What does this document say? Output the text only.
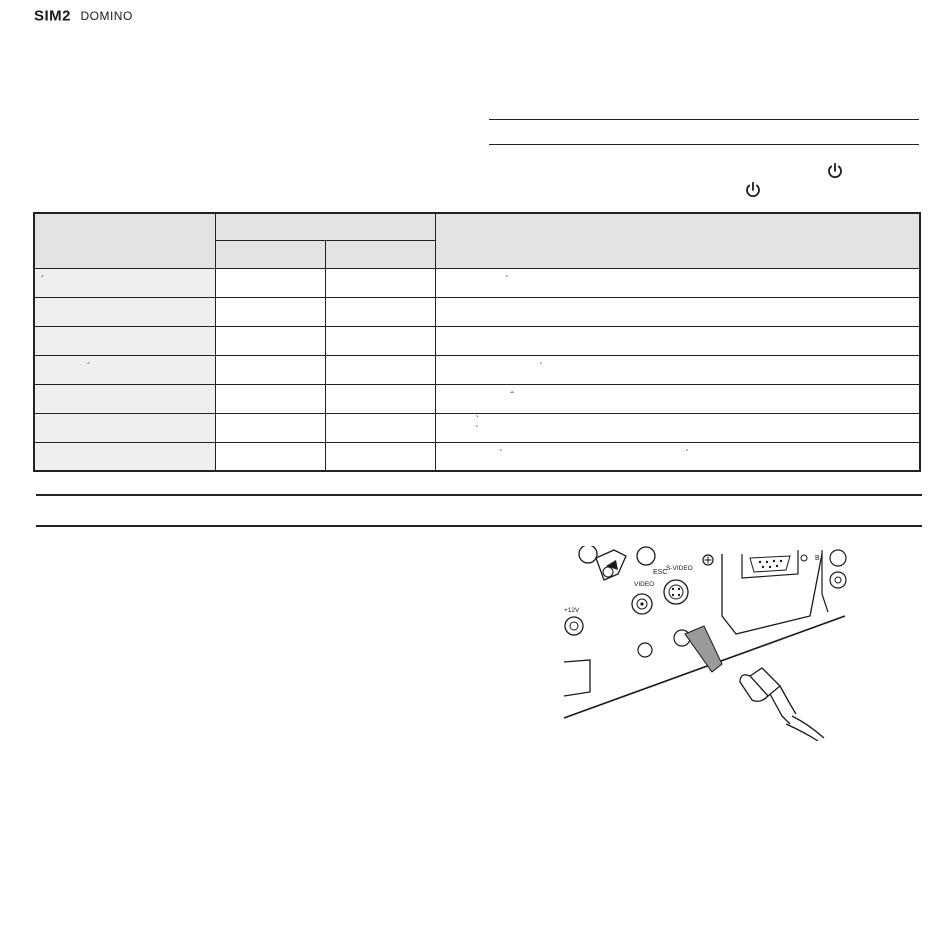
SIM2 DOMINO

´			´

´			´
			ˆ
			` ´
			´ ´
ESC
VIDEO
S-VIDEO
+12V
B
